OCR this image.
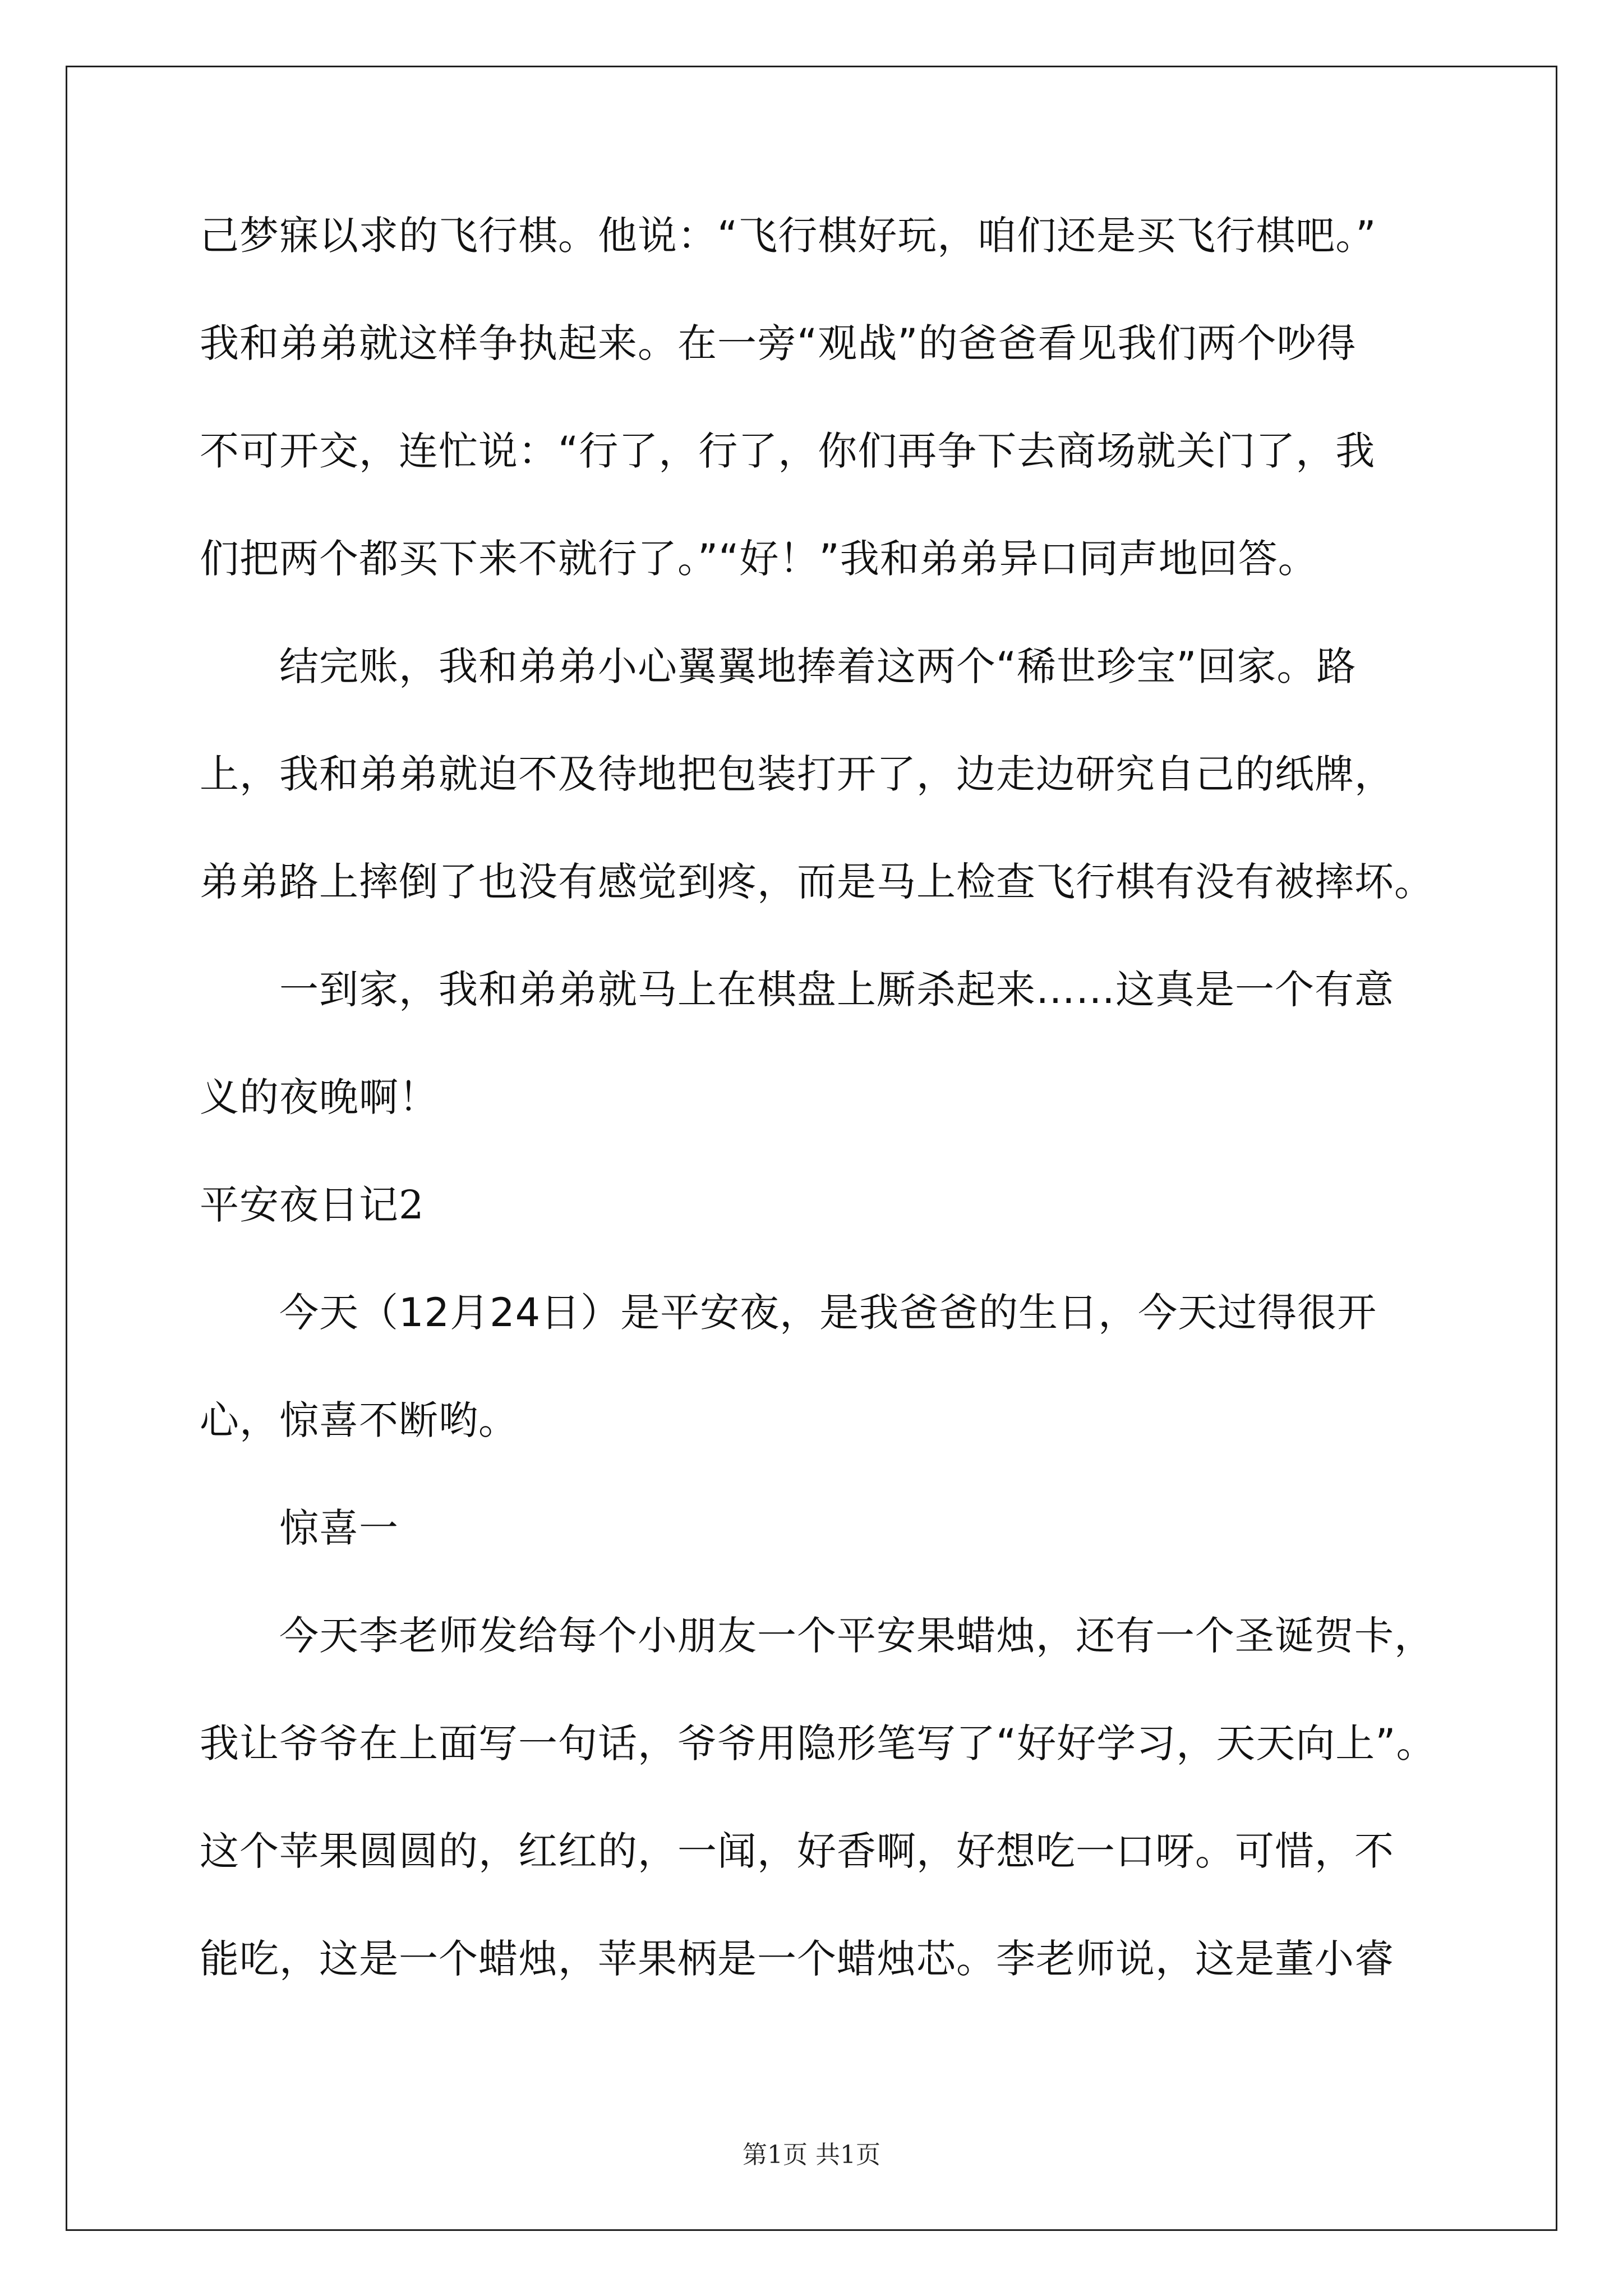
己梦寐以求的飞行棋。他说：“飞行棋好玩，咱们还是买飞行棋吧。”
我和弟弟就这样争执起来。在一旁“观战”的爸爸看见我们两个吵得
不可开交，连忙说：“行了，行了，你们再争下去商场就关门了，我
们把两个都买下来不就行了。”“好！”我和弟弟异口同声地回答。
结完账，我和弟弟小心翼翼地捧着这两个“稀世珍宝”回家。路
上，我和弟弟就迫不及待地把包装打开了，边走边研究自己的纸牌，
弟弟路上摔倒了也没有感觉到疼，而是马上检查飞行棋有没有被摔坏。
一到家，我和弟弟就马上在棋盘上厮杀起来……这真是一个有意
义的夜晚啊！
平安夜日记2
今天（12月24日）是平安夜，是我爸爸的生日，今天过得很开
心，惊喜不断哟。
惊喜一
今天李老师发给每个小朋友一个平安果蜡烛，还有一个圣诞贺卡，
我让爷爷在上面写一句话，爷爷用隐形笔写了“好好学习，天天向上”。
这个苹果圆圆的，红红的，一闻，好香啊，好想吃一口呀。可惜，不
能吃，这是一个蜡烛，苹果柄是一个蜡烛芯。李老师说，这是董小睿
第1页 共1页
